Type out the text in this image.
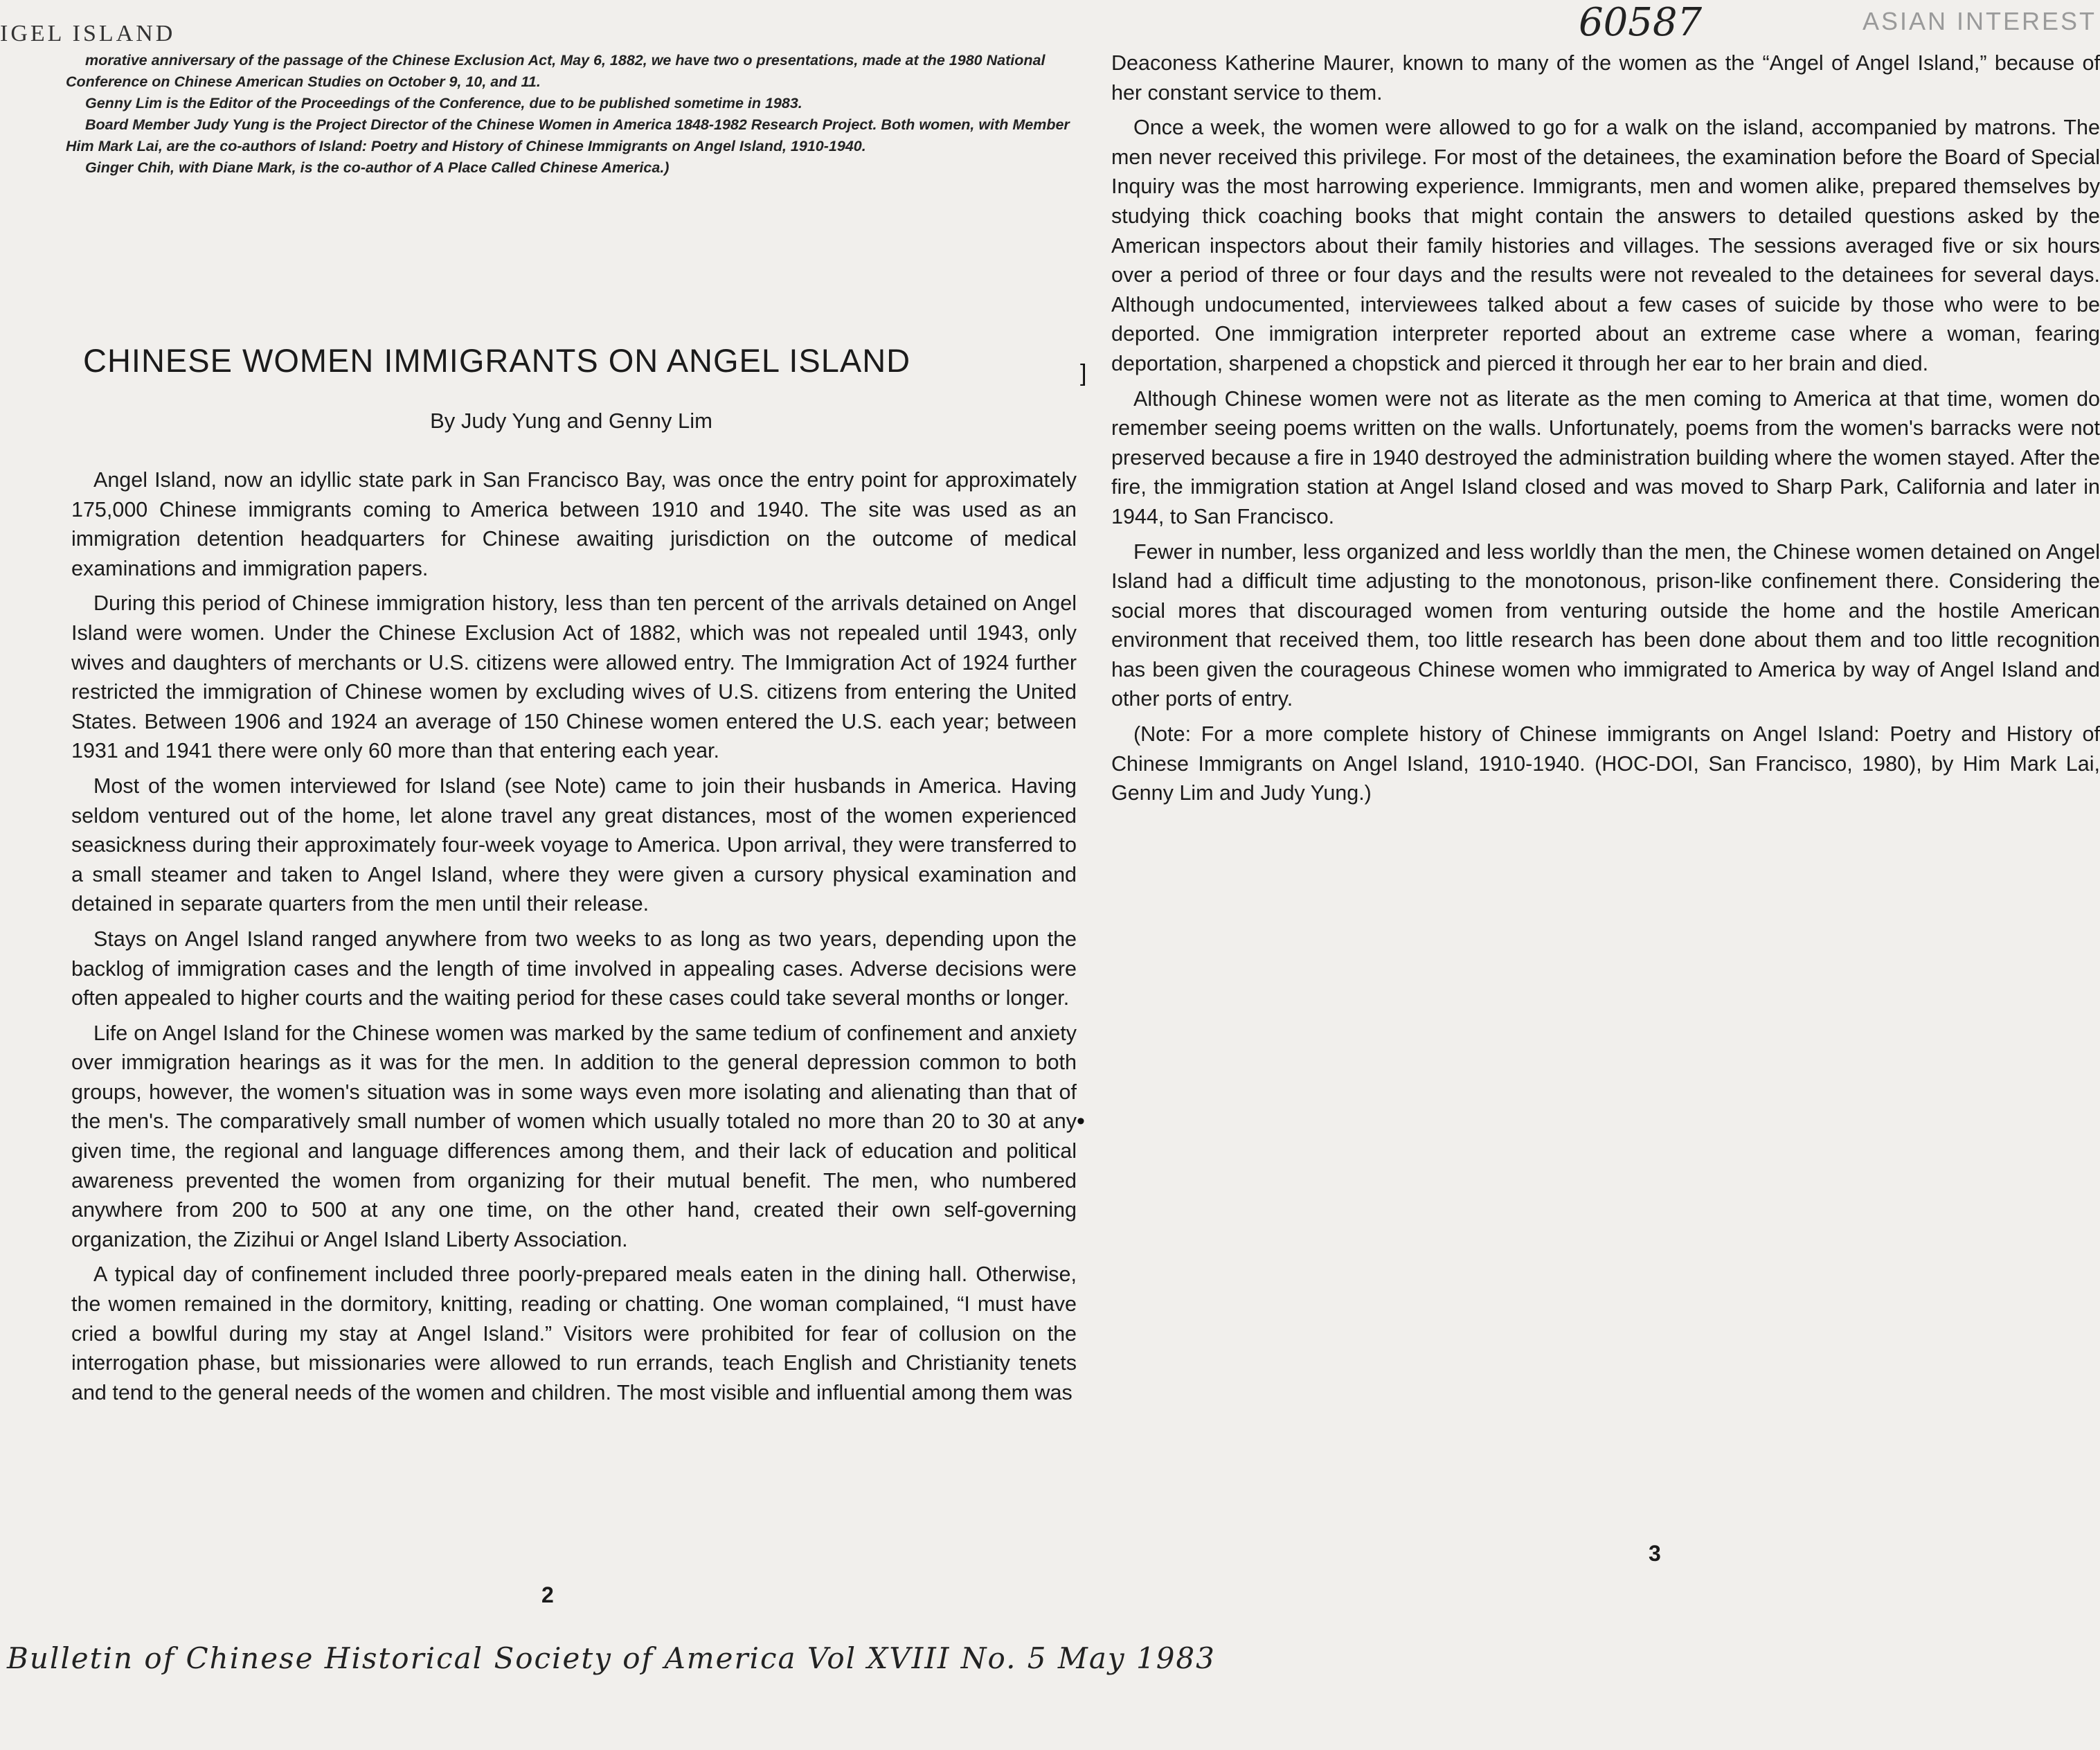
IGEL ISLAND	60587	ASIAN INTEREST

morative anniversary of the passage of the Chinese Exclusion Act, May 6, 1882, we have two o presentations, made at the 1980 National Conference on Chinese American Studies on October 9, 10, and 11.

Genny Lim is the Editor of the Proceedings of the Conference, due to be published sometime in 1983.

Board Member Judy Yung is the Project Director of the Chinese Women in America 1848-1982 Research Project. Both women, with Member Him Mark Lai, are the co-authors of Island: Poetry and History of Chinese Immigrants on Angel Island, 1910-1940.

Ginger Chih, with Diane Mark, is the co-author of A Place Called Chinese America.)

CHINESE WOMEN IMMIGRANTS ON ANGEL ISLAND
By Judy Yung and Genny Lim

Angel Island, now an idyllic state park in San Francisco Bay, was once the entry point for approximately 175,000 Chinese immigrants coming to America between 1910 and 1940. The site was used as an immigration detention headquarters for Chinese awaiting jurisdiction on the outcome of medical examinations and immigration papers.

During this period of Chinese immigration history, less than ten percent of the arrivals detained on Angel Island were women. Under the Chinese Exclusion Act of 1882, which was not repealed until 1943, only wives and daughters of merchants or U.S. citizens were allowed entry. The Immigration Act of 1924 further restricted the immigration of Chinese women by excluding wives of U.S. citizens from entering the United States. Between 1906 and 1924 an average of 150 Chinese women entered the U.S. each year; between 1931 and 1941 there were only 60 more than that entering each year.

Most of the women interviewed for Island (see Note) came to join their husbands in America. Having seldom ventured out of the home, let alone travel any great distances, most of the women experienced seasickness during their approximately four-week voyage to America. Upon arrival, they were transferred to a small steamer and taken to Angel Island, where they were given a cursory physical examination and detained in separate quarters from the men until their release.

Stays on Angel Island ranged anywhere from two weeks to as long as two years, depending upon the backlog of immigration cases and the length of time involved in appealing cases. Adverse decisions were often appealed to higher courts and the waiting period for these cases could take several months or longer.

Life on Angel Island for the Chinese women was marked by the same tedium of confinement and anxiety over immigration hearings as it was for the men. In addition to the general depression common to both groups, however, the women's situation was in some ways even more isolating and alienating than that of the men's. The comparatively small number of women which usually totaled no more than 20 to 30 at any given time, the regional and language differences among them, and their lack of education and political awareness prevented the women from organizing for their mutual benefit. The men, who numbered anywhere from 200 to 500 at any one time, on the other hand, created their own self-governing organization, the Zizihui or Angel Island Liberty Association.

A typical day of confinement included three poorly-prepared meals eaten in the dining hall. Otherwise, the women remained in the dormitory, knitting, reading or chatting. One woman complained, “I must have cried a bowlful during my stay at Angel Island.” Visitors were prohibited for fear of collusion on the interrogation phase, but missionaries were allowed to run errands, teach English and Christianity tenets and tend to the general needs of the women and children. The most visible and influential among them was

Deaconess Katherine Maurer, known to many of the women as the “Angel of Angel Island,” because of her constant service to them.

Once a week, the women were allowed to go for a walk on the island, accompanied by matrons. The men never received this privilege. For most of the detainees, the examination before the Board of Special Inquiry was the most harrowing experience. Immigrants, men and women alike, prepared themselves by studying thick coaching books that might contain the answers to detailed questions asked by the American inspectors about their family histories and villages. The sessions averaged five or six hours over a period of three or four days and the results were not revealed to the detainees for several days. Although undocumented, interviewees talked about a few cases of suicide by those who were to be deported. One immigration interpreter reported about an extreme case where a woman, fearing deportation, sharpened a chopstick and pierced it through her ear to her brain and died.

Although Chinese women were not as literate as the men coming to America at that time, women do remember seeing poems written on the walls. Unfortunately, poems from the women's barracks were not preserved because a fire in 1940 destroyed the administration building where the women stayed. After the fire, the immigration station at Angel Island closed and was moved to Sharp Park, California and later in 1944, to San Francisco.

Fewer in number, less organized and less worldly than the men, the Chinese women detained on Angel Island had a difficult time adjusting to the monotonous, prison-like confinement there. Considering the social mores that discouraged women from venturing outside the home and the hostile American environment that received them, too little research has been done about them and too little recognition has been given the courageous Chinese women who immigrated to America by way of Angel Island and other ports of entry.

(Note: For a more complete history of Chinese immigrants on Angel Island: Poetry and History of Chinese Immigrants on Angel Island, 1910-1940. (HOC-DOI, San Francisco, 1980), by Him Mark Lai, Genny Lim and Judy Yung.)

]
•
2
3
Bulletin of Chinese Historical Society of America Vol XVIII No. 5 May 1983
